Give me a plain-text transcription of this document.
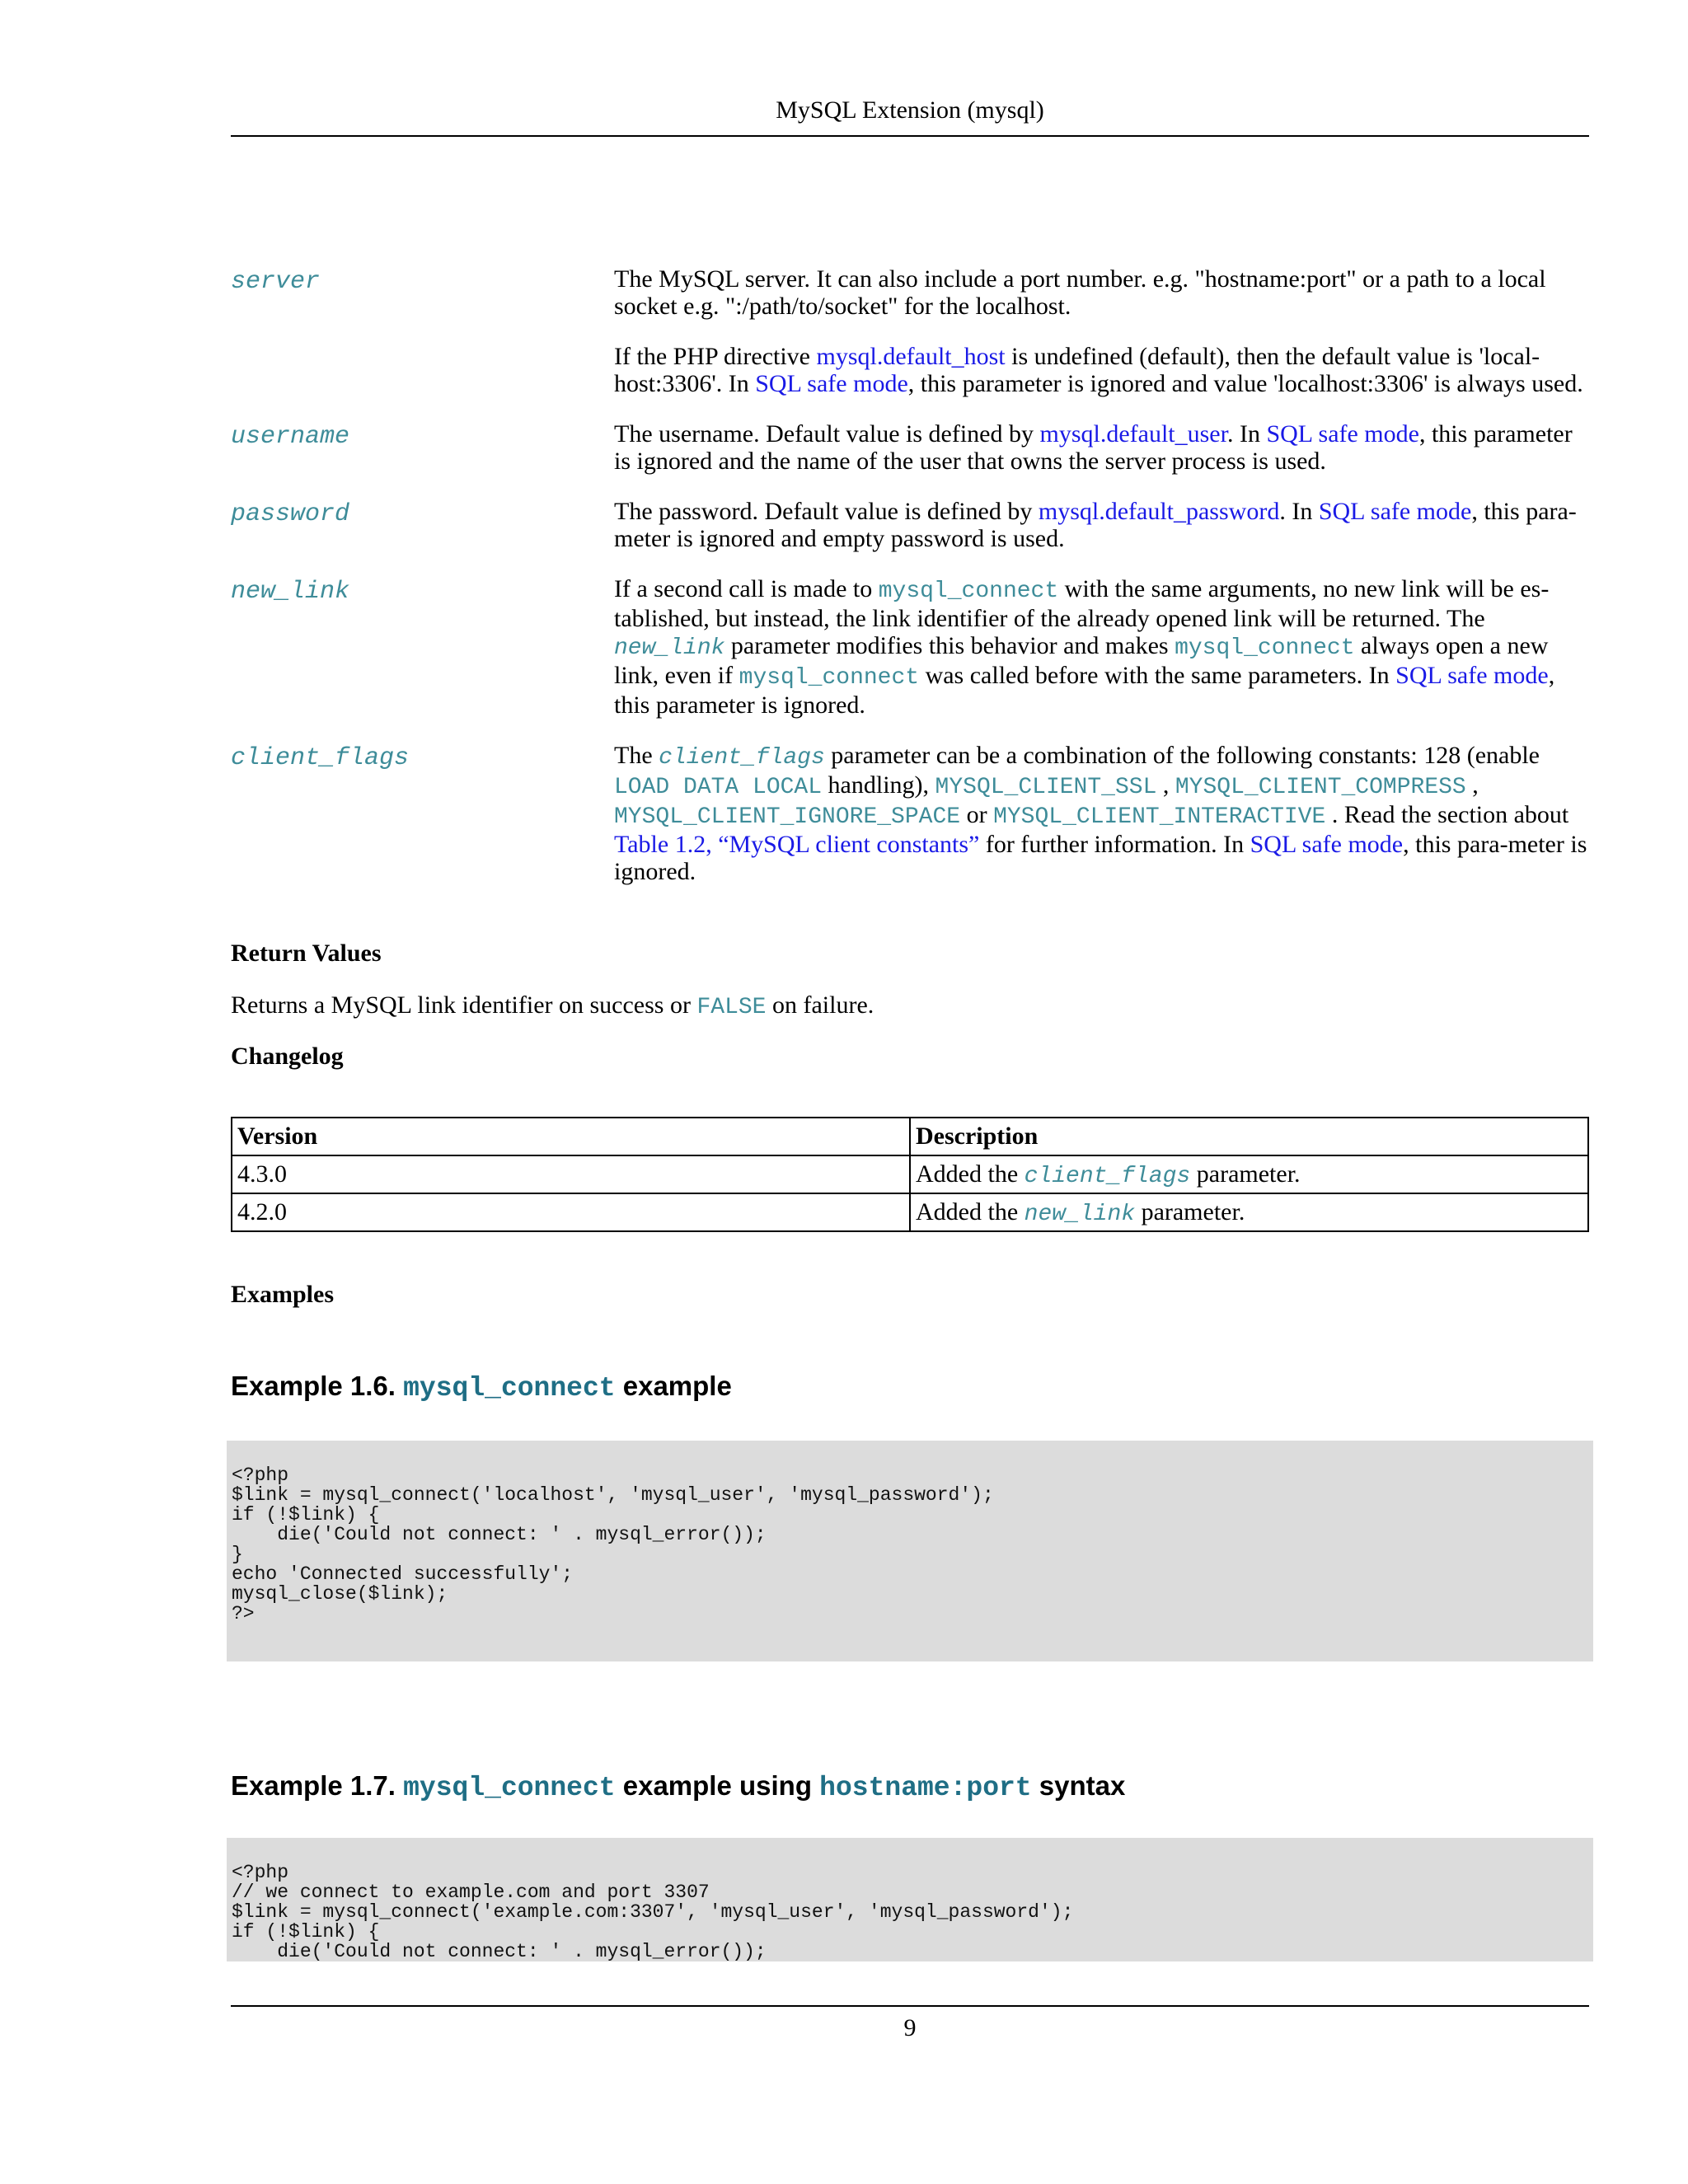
MySQL Extension (mysql)
server	The MySQL server. It can also include a port number. e.g. "hostname:port" or a path to a local socket e.g. ":/path/to/socket" for the localhost.

If the PHP directive mysql.default_host is undefined (default), then the default value is 'local-host:3306'. In SQL safe mode, this parameter is ignored and value 'localhost:3306' is always used.

username	The username. Default value is defined by mysql.default_user. In SQL safe mode, this parameter is ignored and the name of the user that owns the server process is used.

password	The password. Default value is defined by mysql.default_password. In SQL safe mode, this para-meter is ignored and empty password is used.

new_link	If a second call is made to mysql_connect with the same arguments, no new link will be es-tablished, but instead, the link identifier of the already opened link will be returned. The new_link parameter modifies this behavior and makes mysql_connect always open a new link, even if mysql_connect was called before with the same parameters. In SQL safe mode, this parameter is ignored.

client_flags	The client_flags parameter can be a combination of the following constants: 128 (enable LOAD DATA LOCAL handling), MYSQL_CLIENT_SSL , MYSQL_CLIENT_COMPRESS , MYSQL_CLIENT_IGNORE_SPACE or MYSQL_CLIENT_INTERACTIVE . Read the section about Table 1.2, “MySQL client constants” for further information. In SQL safe mode, this para-meter is ignored.

Return Values
Returns a MySQL link identifier on success or FALSE on failure.
Changelog
Version	Description
4.3.0	Added the client_flags parameter.
4.2.0	Added the new_link parameter.
Examples
Example 1.6. mysql_connect example
<?php
$link = mysql_connect('localhost', 'mysql_user', 'mysql_password');
if (!$link) {
die('Could not connect: ' . mysql_error());
}
echo 'Connected successfully';
mysql_close($link);
?>
Example 1.7. mysql_connect example using hostname:port syntax
<?php
// we connect to example.com and port 3307
$link = mysql_connect('example.com:3307', 'mysql_user', 'mysql_password');
if (!$link) {
die('Could not connect: ' . mysql_error());
9
